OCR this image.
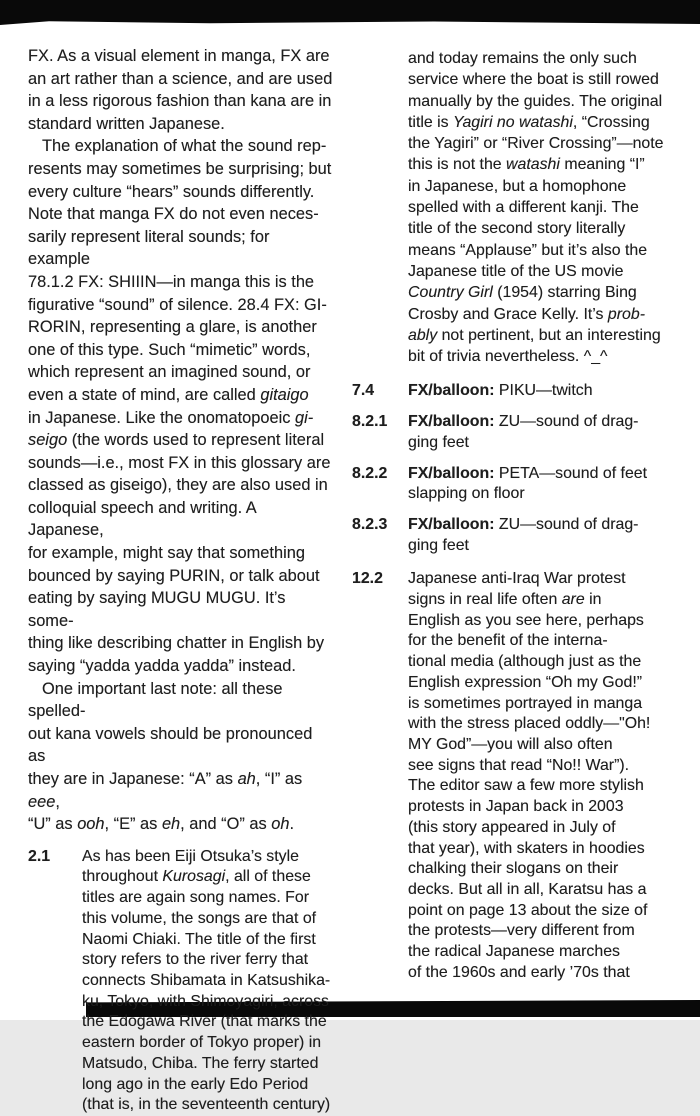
FX. As a visual element in manga, FX are
an art rather than a science, and are used
in a less rigorous fashion than kana are in
standard written Japanese.
The explanation of what the sound rep-
resents may sometimes be surprising; but
every culture “hears” sounds differently.
Note that manga FX do not even neces-
sarily represent literal sounds; for example
78.1.2 FX: SHIIIN—in manga this is the
figurative “sound” of silence. 28.4 FX: GI-
RORIN, representing a glare, is another
one of this type. Such “mimetic” words,
which represent an imagined sound, or
even a state of mind, are called gitaigo
in Japanese. Like the onomatopoeic gi-
seigo (the words used to represent literal
sounds—i.e., most FX in this glossary are
classed as giseigo), they are also used in
colloquial speech and writing. A Japanese,
for example, might say that something
bounced by saying PURIN, or talk about
eating by saying MUGU MUGU. It’s some-
thing like describing chatter in English by
saying “yadda yadda yadda” instead.
One important last note: all these spelled-
out kana vowels should be pronounced as
they are in Japanese: “A” as ah, “I” as eee,
“U” as ooh, “E” as eh, and “O” as oh.
2.1	As has been Eiji Otsuka’s style
throughout Kurosagi, all of these
titles are again song names. For
this volume, the songs are that of
Naomi Chiaki. The title of the first
story refers to the river ferry that
connects Shibamata in Katsushika-
ku, Tokyo, with Shimoyagiri, across
the Edogawa River (that marks the
eastern border of Tokyo proper) in
Matsudo, Chiba. The ferry started
long ago in the early Edo Period
(that is, in the seventeenth century)
and today remains the only such
service where the boat is still rowed
manually by the guides. The original
title is Yagiri no watashi, “Crossing
the Yagiri” or “River Crossing”—note
this is not the watashi meaning “I”
in Japanese, but a homophone
spelled with a different kanji. The
title of the second story literally
means “Applause” but it’s also the
Japanese title of the US movie
Country Girl (1954) starring Bing
Crosby and Grace Kelly. It’s prob-
ably not pertinent, but an interesting
bit of trivia nevertheless. ^_^
7.4	FX/balloon: PIKU—twitch
8.2.1	FX/balloon: ZU—sound of drag-
ging feet
8.2.2	FX/balloon: PETA—sound of feet
slapping on floor
8.2.3	FX/balloon: ZU—sound of drag-
ging feet
12.2	Japanese anti-Iraq War protest
signs in real life often are in
English as you see here, perhaps
for the benefit of the interna-
tional media (although just as the
English expression “Oh my God!”
is sometimes portrayed in manga
with the stress placed oddly—"Oh!
MY God”—you will also often
see signs that read “No!! War”).
The editor saw a few more stylish
protests in Japan back in 2003
(this story appeared in July of
that year), with skaters in hoodies
chalking their slogans on their
decks. But all in all, Karatsu has a
point on page 13 about the size of
the protests—very different from
the radical Japanese marches
of the 1960s and early ’70s that
